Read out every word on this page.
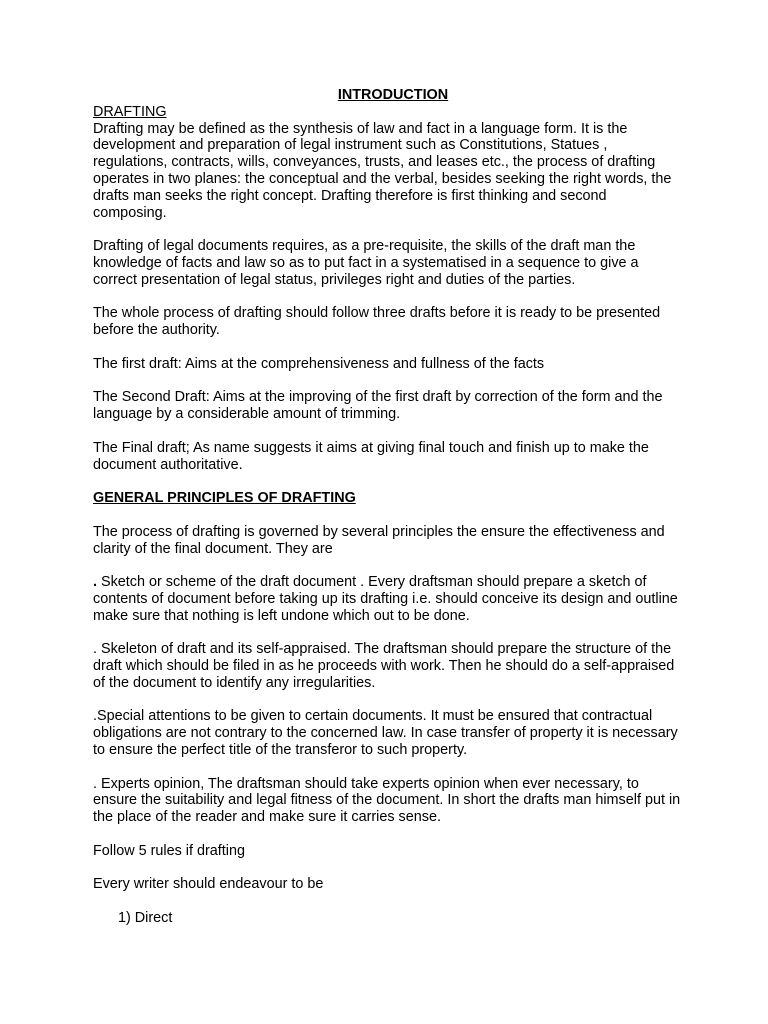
INTRODUCTION

DRAFTING

Drafting may be defined as the synthesis of law and fact in a language form. It is the development and preparation of legal instrument such as Constitutions, Statues , regulations, contracts, wills, conveyances, trusts, and leases etc., the process of drafting operates in two planes: the conceptual and the verbal, besides seeking the right words, the drafts man seeks the right concept. Drafting therefore is first thinking and second composing.

Drafting of legal documents requires, as a pre-requisite, the skills of the draft man the knowledge of facts and law so as to put fact in a systematised in a sequence to give a correct presentation of legal status, privileges right and duties of the parties.

The whole process of drafting should follow three drafts before it is ready to be presented before the authority.

The first draft: Aims at the comprehensiveness and fullness of the facts

The Second Draft: Aims at the improving of the first draft by correction of the form and the language by a considerable amount of trimming.

The Final draft; As name suggests it aims at giving final touch and finish up to make the document authoritative.

GENERAL PRINCIPLES OF DRAFTING

The process of drafting is governed by several principles the ensure the effectiveness and clarity of the final document. They are

. Sketch or scheme of the draft document . Every draftsman should prepare a sketch of contents of document before taking up its drafting i.e. should conceive its design and outline make sure that nothing is left undone which out to be done.

. Skeleton of draft and its self-appraised. The draftsman should prepare the structure of the draft which should be filed in as he proceeds with work. Then he should do a self-appraised of the document to identify any irregularities.

.Special attentions to be given to certain documents. It must be ensured that contractual obligations are not contrary to the concerned law. In case transfer of property it is necessary to ensure the perfect title of the transferor to such property.

. Experts opinion, The draftsman should take experts opinion when ever necessary, to ensure the suitability and legal fitness of the document. In short the drafts man himself put in the place of the reader and make sure it carries sense.

Follow 5 rules if drafting

Every writer should endeavour to be

1) Direct
